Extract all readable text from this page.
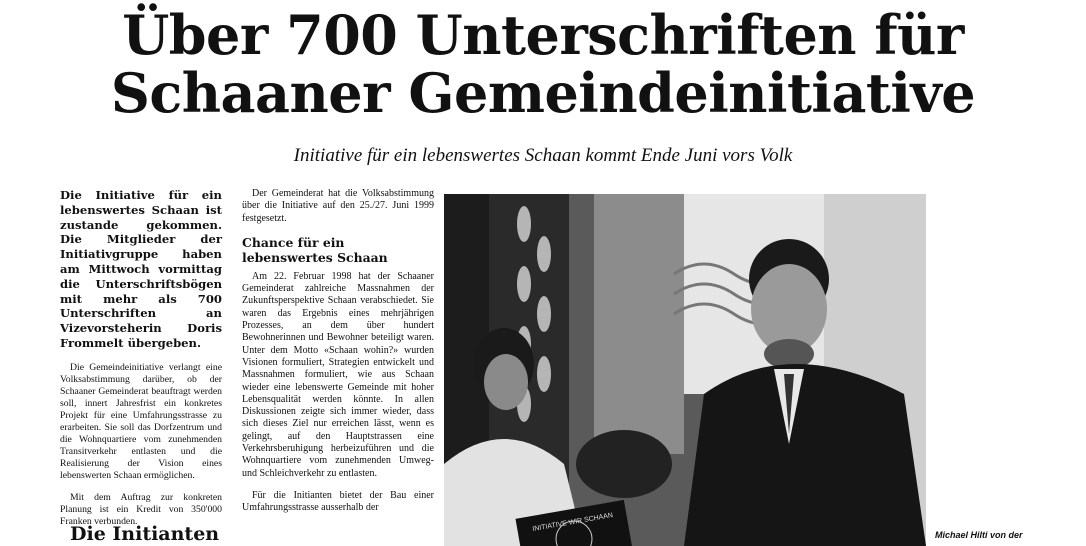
Über 700 Unterschriften für Schaaner Gemeindeinitiative
Initiative für ein lebenswertes Schaan kommt Ende Juni vors Volk
Die Initiative für ein lebenswertes Schaan ist zustande gekommen. Die Mitglieder der Initiativgruppe haben am Mittwoch vormittag die Unterschriftsbögen mit mehr als 700 Unterschriften an Vizevorsteherin Doris Frommelt übergeben.

Die Gemeindeinitiative verlangt eine Volksabstimmung darüber, ob der Schaaner Gemeinderat beauftragt werden soll, innert Jahresfrist ein konkretes Projekt für eine Umfahrungsstrasse zu erarbeiten. Sie soll das Dorfzentrum und die Wohnquartiere vom zunehmenden Transitverkehr entlasten und die Realisierung der Vision eines lebenswerten Schaan ermöglichen.

Mit dem Auftrag zur konkreten Planung ist ein Kredit von 350'000 Franken verbunden.

Die Initianten

Der Gemeinderat hat die Volksabstimmung über die Initiative auf den 25./27. Juni 1999 festgesetzt.

Chance für ein lebenswertes Schaan

Am 22. Februar 1998 hat der Schaaner Gemeinderat zahlreiche Massnahmen der Zukunftsperspektive Schaan verabschiedet. Sie waren das Ergebnis eines mehrjährigen Prozesses, an dem über hundert Bewohnerinnen und Bewohner beteiligt waren. Unter dem Motto «Schaan wohin?» wurden Visionen formuliert, Strategien entwickelt und Massnahmen formuliert, wie aus Schaan wieder eine lebenswerte Gemeinde mit hoher Lebensqualität werden könnte. In allen Diskussionen zeigte sich immer wieder, dass sich dieses Ziel nur erreichen lässt, wenn es gelingt, auf den Hauptstrassen eine Verkehrsberuhigung herbeizuführen und die Wohnquartiere vom zunehmenden Umweg- und Schleichverkehr zu entlasten.

Für die Initianten bietet der Bau einer Umfahrungsstrasse ausserhalb der

INITIATIVE WIR SCHAAN
Michael Hilti von der
